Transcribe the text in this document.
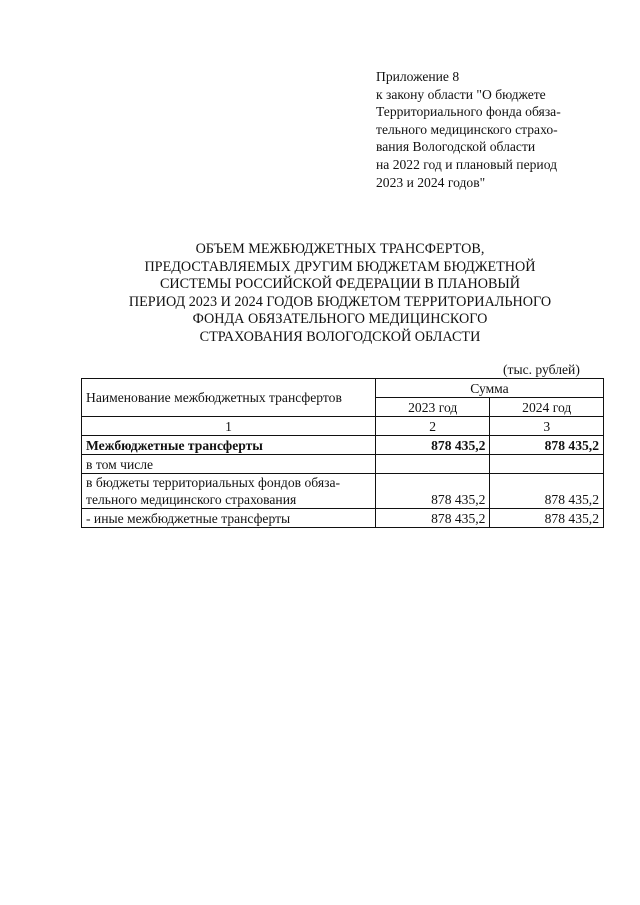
Приложение 8
к закону области "О бюджете
Территориального фонда обяза-
тельного медицинского страхо-
вания Вологодской области
на 2022 год и плановый период
2023 и 2024 годов"
ОБЪЕМ МЕЖБЮДЖЕТНЫХ ТРАНСФЕРТОВ,
ПРЕДОСТАВЛЯЕМЫХ ДРУГИМ БЮДЖЕТАМ БЮДЖЕТНОЙ
СИСТЕМЫ РОССИЙСКОЙ ФЕДЕРАЦИИ В ПЛАНОВЫЙ
ПЕРИОД 2023 И 2024 ГОДОВ БЮДЖЕТОМ ТЕРРИТОРИАЛЬНОГО
ФОНДА ОБЯЗАТЕЛЬНОГО МЕДИЦИНСКОГО
СТРАХОВАНИЯ ВОЛОГОДСКОЙ ОБЛАСТИ
(тыс. рублей)
Наименование межбюджетных трансфертов	Сумма	
	2023 год	2024 год
1	2	3

Межбюджетные трансферты	878 435,2	878 435,2

в том числе		

в бюджеты территориальных фондов обяза-
тельного медицинского страхования	878 435,2	878 435,2

- иные межбюджетные трансферты	878 435,2	878 435,2
